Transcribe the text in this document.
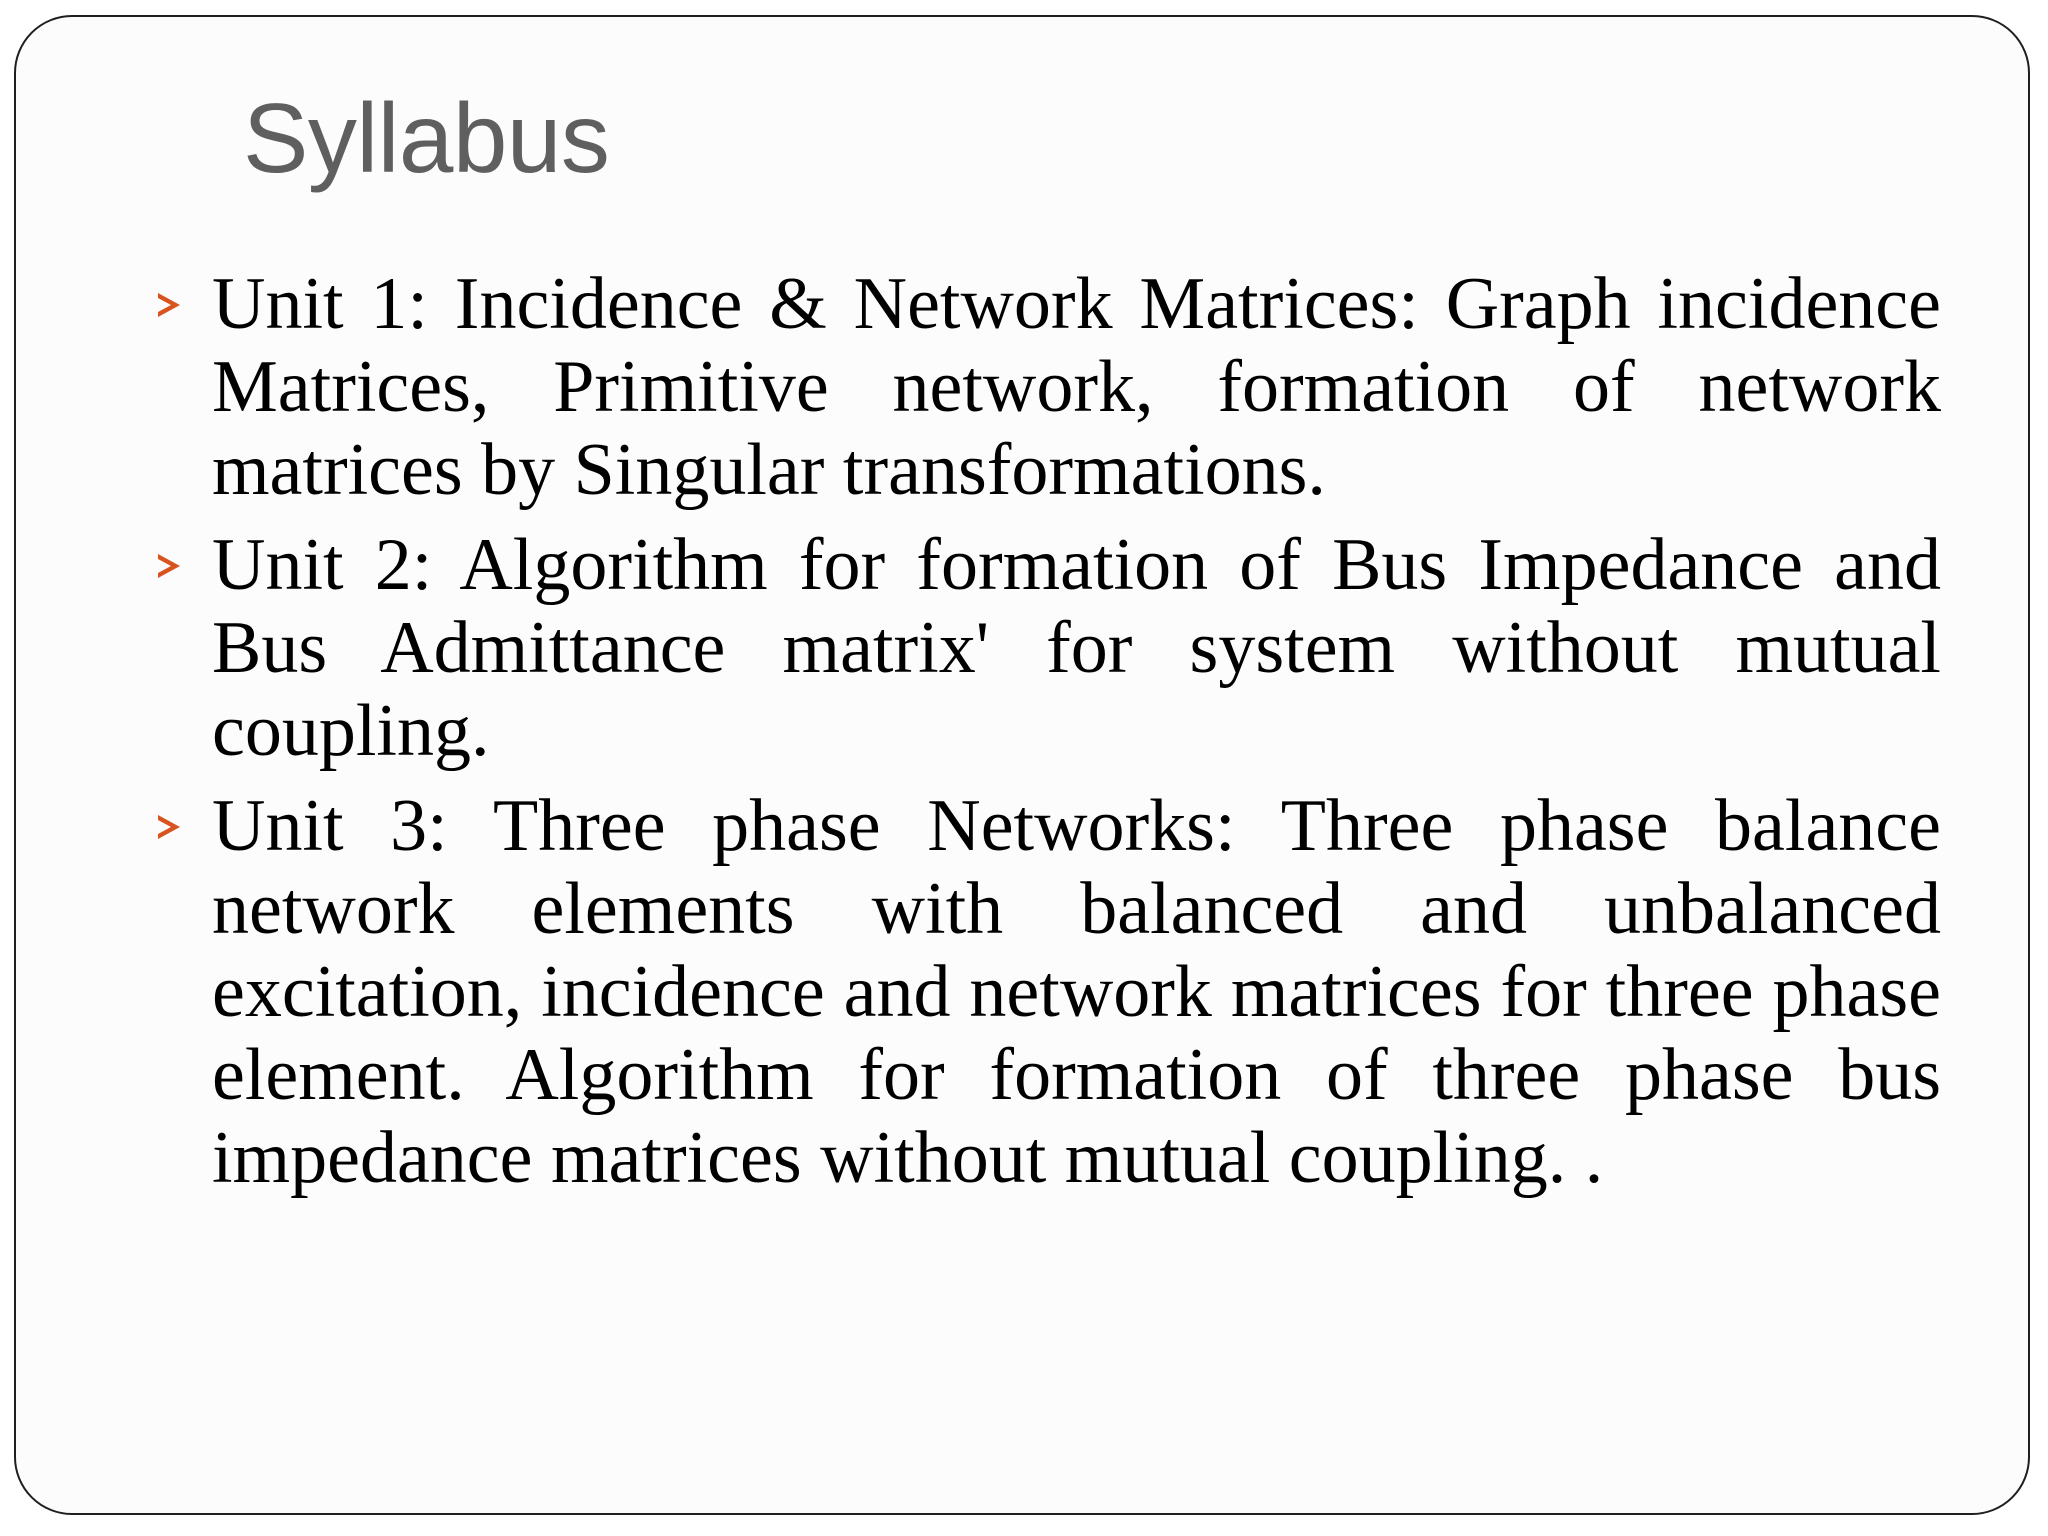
Syllabus

Unit 1: Incidence & Network Matrices: Graph incidence Matrices, Primitive network, formation of network matrices by Singular transformations.

Unit 2: Algorithm for formation of Bus Impedance and Bus Admittance matrix' for system without mutual coupling.

Unit 3: Three phase Networks: Three phase balance network elements with balanced and unbalanced excitation, incidence and network matrices for three phase element. Algorithm for formation of three phase bus impedance matrices without mutual coupling. .
